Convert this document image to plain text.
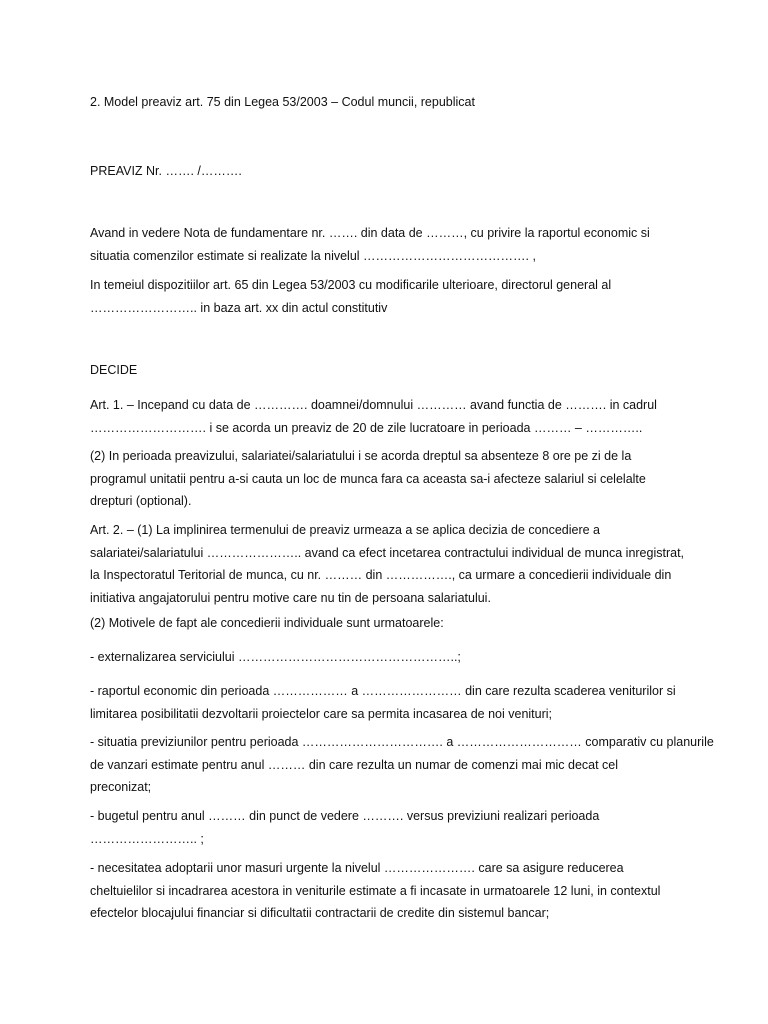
2. Model preaviz art. 75 din Legea 53/2003 – Codul muncii, republicat

PREAVIZ Nr. ……. /……….

Avand in vedere Nota de fundamentare nr. ……. din data de ………, cu privire la raportul economic si
situatia comenzilor estimate si realizate la nivelul …………………………………. ,

In temeiul dispozitiilor art. 65 din Legea 53/2003 cu modificarile ulterioare, directorul general al
…………………….. in baza art. xx din actul constitutiv

DECIDE

Art. 1. – Incepand cu data de …………. doamnei/domnului ………… avand functia de ………. in cadrul
………………………. i se acorda un preaviz de 20 de zile lucratoare in perioada ……… – …………..

(2) In perioada preavizului, salariatei/salariatului i se acorda dreptul sa absenteze 8 ore pe zi de la
programul unitatii pentru a-si cauta un loc de munca fara ca aceasta sa-i afecteze salariul si celelalte
drepturi (optional).

Art. 2. – (1) La implinirea termenului de preaviz urmeaza a se aplica decizia de concediere a
salariatei/salariatului ………………….. avand ca efect incetarea contractului individual de munca inregistrat,
la Inspectoratul Teritorial de munca, cu nr. ……… din ……………., ca urmare a concedierii individuale din
initiativa angajatorului pentru motive care nu tin de persoana salariatului.

(2) Motivele de fapt ale concedierii individuale sunt urmatoarele:

- externalizarea serviciului ……………………………………………..;

- raportul economic din perioada ……………… a …………………… din care rezulta scaderea veniturilor si
limitarea posibilitatii dezvoltarii proiectelor care sa permita incasarea de noi venituri;

- situatia previziunilor pentru perioada ……………………………. a ………………………… comparativ cu planurile
de vanzari estimate pentru anul ……… din care rezulta un numar de comenzi mai mic decat cel
preconizat;

- bugetul pentru anul ……… din punct de vedere ………. versus previziuni realizari perioada
…………………….. ;

- necesitatea adoptarii unor masuri urgente la nivelul …………………. care sa asigure reducerea
cheltuielilor si incadrarea acestora in veniturile estimate a fi incasate in urmatoarele 12 luni, in contextul
efectelor blocajului financiar si dificultatii contractarii de credite din sistemul bancar;
